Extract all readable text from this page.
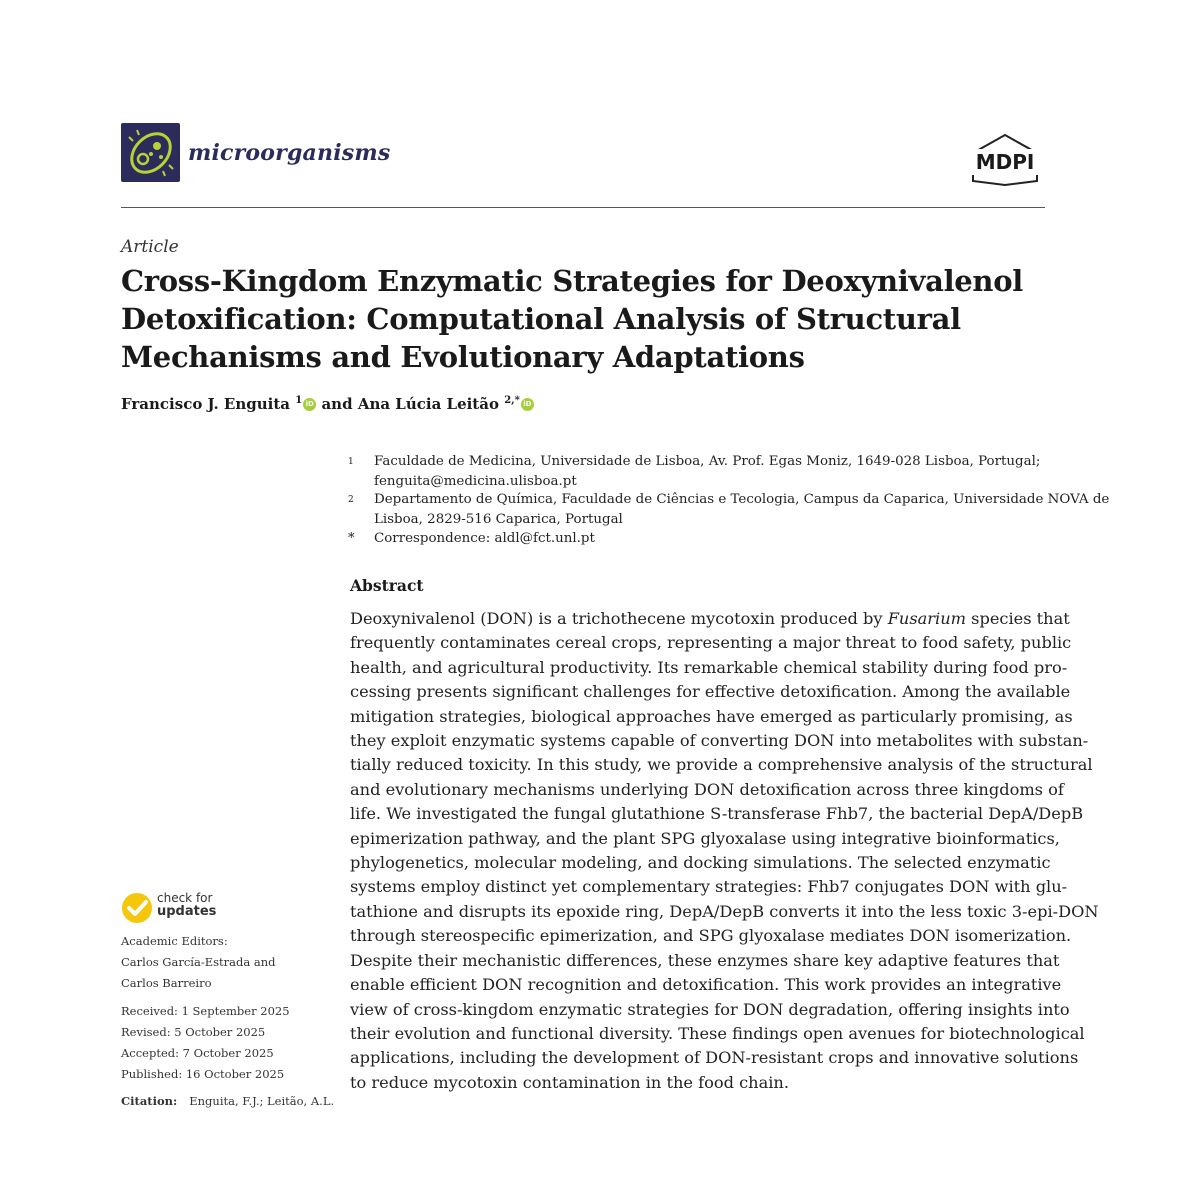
microorganisms	MDPI
Article
Cross-Kingdom Enzymatic Strategies for Deoxynivalenol
Detoxification: Computational Analysis of Structural
Mechanisms and Evolutionary Adaptations
Francisco J. Enguita $^1$ iD and Ana Lúcia Leitão $^{2,*}$ iD
1 Faculdade de Medicina, Universidade de Lisboa, Av. Prof. Egas Moniz, 1649-028 Lisboa, Portugal;
fenguita@medicina.ulisboa.pt
2 Departamento de Química, Faculdade de Ciências e Tecologia, Campus da Caparica, Universidade NOVA de
Lisboa, 2829-516 Caparica, Portugal
* Correspondence: aldl@fct.unl.pt
Abstract
Deoxynivalenol (DON) is a trichothecene mycotoxin produced by Fusarium species that
frequently contaminates cereal crops, representing a major threat to food safety, public
health, and agricultural productivity. Its remarkable chemical stability during food pro-
cessing presents significant challenges for effective detoxification. Among the available
mitigation strategies, biological approaches have emerged as particularly promising, as
they exploit enzymatic systems capable of converting DON into metabolites with substan-
tially reduced toxicity. In this study, we provide a comprehensive analysis of the structural
and evolutionary mechanisms underlying DON detoxification across three kingdoms of
life. We investigated the fungal glutathione S-transferase Fhb7, the bacterial DepA/DepB
epimerization pathway, and the plant SPG glyoxalase using integrative bioinformatics,
phylogenetics, molecular modeling, and docking simulations. The selected enzymatic
systems employ distinct yet complementary strategies: Fhb7 conjugates DON with glu-
tathione and disrupts its epoxide ring, DepA/DepB converts it into the less toxic 3-epi-DON
through stereospecific epimerization, and SPG glyoxalase mediates DON isomerization.
Despite their mechanistic differences, these enzymes share key adaptive features that
enable efficient DON recognition and detoxification. This work provides an integrative
view of cross-kingdom enzymatic strategies for DON degradation, offering insights into
their evolution and functional diversity. These findings open avenues for biotechnological
applications, including the development of DON-resistant crops and innovative solutions
to reduce mycotoxin contamination in the food chain.
check for
updates
Academic Editors:
Carlos García-Estrada and
Carlos Barreiro
Received: 1 September 2025
Revised: 5 October 2025
Accepted: 7 October 2025
Published: 16 October 2025
Citation: Enguita, F.J.; Leitão, A.L.
